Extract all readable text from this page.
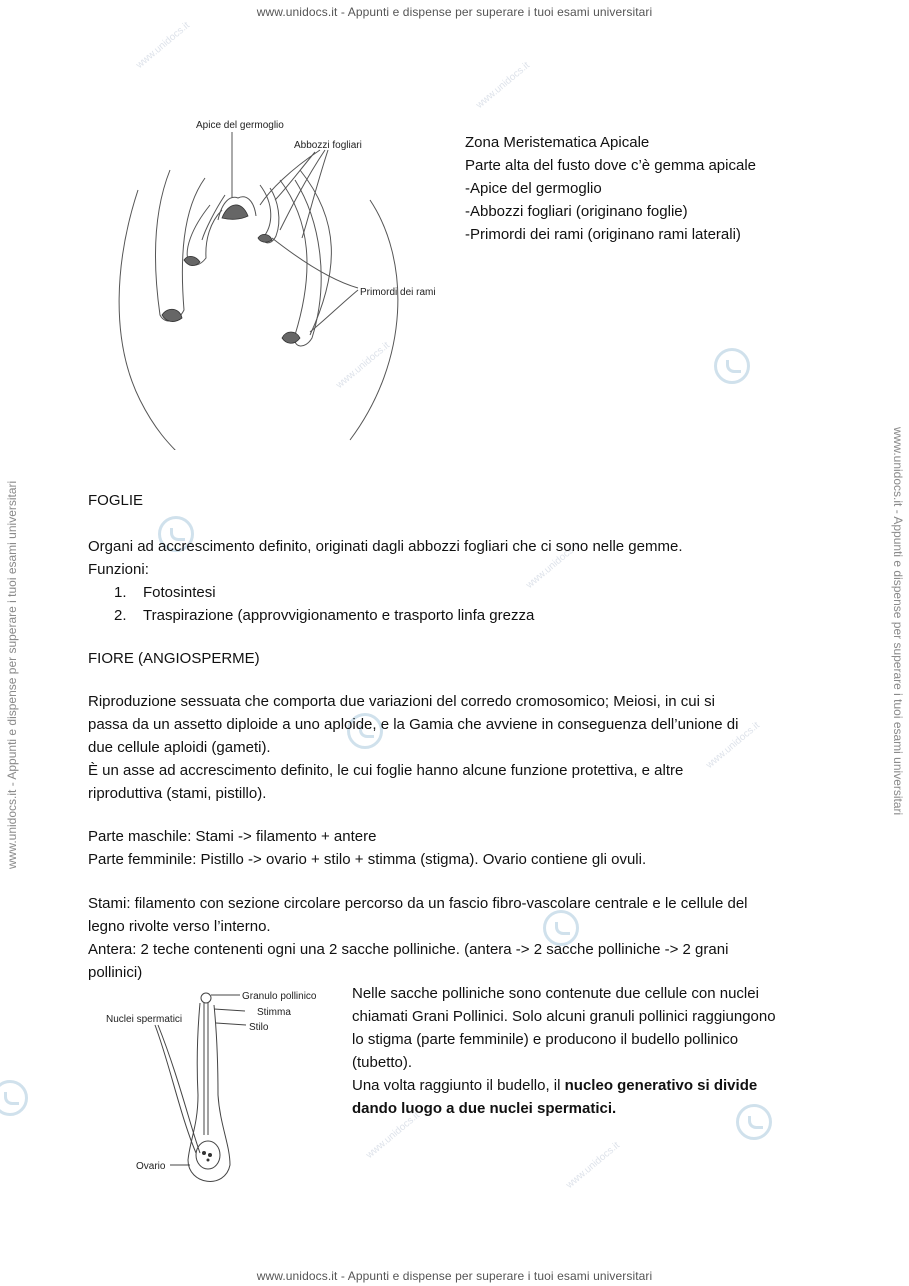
www.unidocs.it - Appunti e dispense per superare i tuoi esami universitari
www.unidocs.it - Appunti e dispense per superare i tuoi esami universitari
www.unidocs.it - Appunti e dispense per superare i tuoi esami universitari	www.unidocs.it - Appunti e dispense per superare i tuoi esami universitari
www.unidocs.it
www.unidocs.it
www.unidocs.it
www.unidocs.it
www.unidocs.it
www.unidocs.it
www.unidocs.it
Apice del germoglio
Abbozzi fogliari
Primordi dei rami
Zona Meristematica Apicale
Parte alta del fusto dove c’è gemma apicale
-Apice del germoglio
-Abbozzi fogliari (originano foglie)
-Primordi dei rami (originano rami laterali)
FOGLIE
Organi ad accrescimento definito, originati dagli abbozzi fogliari che ci sono nelle gemme.
Funzioni:
1. Fotosintesi
2. Traspirazione (approvvigionamento e trasporto linfa grezza
FIORE (ANGIOSPERME)
Riproduzione sessuata che comporta due variazioni del corredo cromosomico; Meiosi, in cui si
passa da un assetto diploide a uno aploide, e la Gamia che avviene in conseguenza dell’unione di
due cellule aploidi (gameti).
È un asse ad accrescimento definito, le cui foglie hanno alcune funzione protettiva, e altre
riproduttiva (stami, pistillo).
Parte maschile: Stami -> filamento + antere
Parte femminile: Pistillo -> ovario + stilo + stimma (stigma). Ovario contiene gli ovuli.
Stami: filamento con sezione circolare percorso da un fascio fibro-vascolare centrale e le cellule del
legno rivolte verso l’interno.
Antera: 2 teche contenenti ogni una 2 sacche polliniche. (antera -> 2 sacche polliniche -> 2 grani
pollinici)
Granulo pollinico
Stimma
Stilo
Nuclei spermatici
Ovario
Nelle sacche polliniche sono contenute due cellule con nuclei
chiamati Grani Pollinici. Solo alcuni granuli pollinici raggiungono
lo stigma (parte femminile) e producono il budello pollinico
(tubetto).
Una volta raggiunto il budello, il nucleo generativo si divide
dando luogo a due nuclei spermatici.
